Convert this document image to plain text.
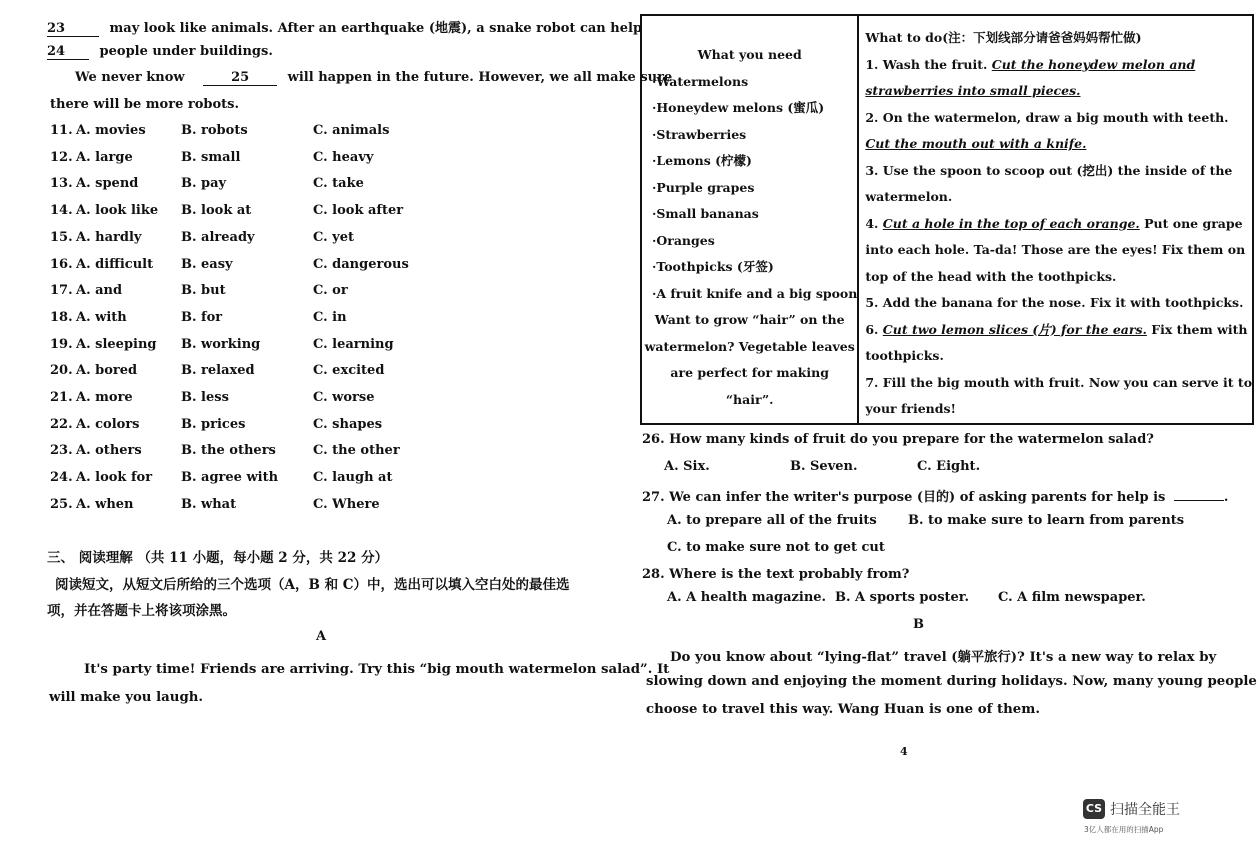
23	may look like animals. After an earthquake (地震), a snake robot can help
24	people under buildings.
We never know	25	will happen in the future. However, we all make sure
there will be more robots.
11. A. movies	B. robots	C. animals
12. A. large	B. small	C. heavy
13. A. spend	B. pay	C. take
14. A. look like B. look at	C. look after
15. A. hardly	B. already	C. yet
16. A. difficult B. easy	C. dangerous
17. A. and	B. but	C. or
18. A. with	B. for	C. in
19. A. sleeping B. working	C. learning
20. A. bored	B. relaxed	C. excited
21. A. more	B. less	C. worse
22. A. colors	B. prices	C. shapes
23. A. others	B. the others	C. the other
24. A. look for B. agree with	C. laugh at
25. A. when	B. what	C. Where
三、 阅读理解 （共 11 小题，每小题 2 分，共 22 分）
阅读短文，从短文后所给的三个选项（A，B 和 C）中，选出可以填入空白处的最佳选
项，并在答题卡上将该项涂黑。
A
It's party time! Friends are arriving. Try this “big mouth watermelon salad”. It
will make you laugh.
What you need
·Watermelons
·Honeydew melons (蜜瓜)
·Strawberries
·Lemons (柠檬)
·Purple grapes
·Small bananas
·Oranges
·Toothpicks (牙签)
·A fruit knife and a big spoon
Want to grow “hair” on the
watermelon? Vegetable leaves
are perfect for making
“hair”.

What to do(注：下划线部分请爸爸妈妈帮忙做)
1. Wash the fruit. Cut the honeydew melon and
strawberries into small pieces.
2. On the watermelon, draw a big mouth with teeth.
Cut the mouth out with a knife.
3. Use the spoon to scoop out (挖出) the inside of the
watermelon.
4. Cut a hole in the top of each orange. Put one grape
into each hole. Ta-da! Those are the eyes! Fix them on
top of the head with the toothpicks.
5. Add the banana for the nose. Fix it with toothpicks.
6. Cut two lemon slices (片) for the ears. Fix them with
toothpicks.
7. Fill the big mouth with fruit. Now you can serve it to
your friends!
26. How many kinds of fruit do you prepare for the watermelon salad?
A. Six.	B. Seven.	C. Eight.
27. We can infer the writer's purpose (目的) of asking parents for help is	.
A. to prepare all of the fruits B. to make sure to learn from parents
C. to make sure not to get cut
28. Where is the text probably from?
A. A health magazine. B. A sports poster. C. A film newspaper.
B
Do you know about “lying-flat” travel (躺平旅行)? It's a new way to relax by
slowing down and enjoying the moment during holidays. Now, many young people
choose to travel this way. Wang Huan is one of them.
4
CS 扫描全能王
3亿人都在用的扫描App
